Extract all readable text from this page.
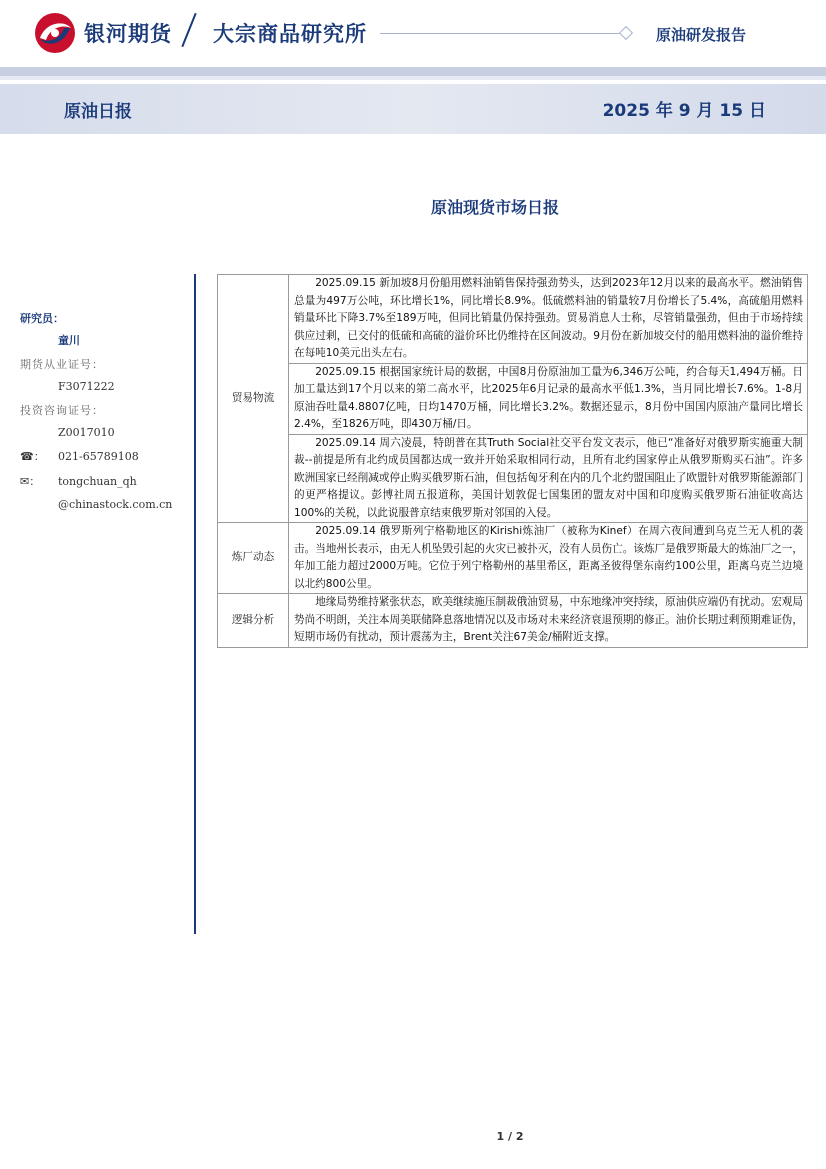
银河期货 大宗商品研究所	原油研发报告
原油日报	2025 年 9 月 15 日
原油现货市场日报
研究员：
童川
期货从业证号：
F3071222
投资咨询证号：
Z0017010
☎：	021-65789108
✉：	tongchuan_qh
@chinastock.com.cn
贸易物流	2025.09.15 新加坡8月份船用燃料油销售保持强劲势头，达到2023年12月以来的最高水平。燃油销售总量为497万公吨，环比增长1%，同比增长8.9%。低硫燃料油的销量较7月份增长了5.4%，高硫船用燃料销量环比下降3.7%至189万吨，但同比销量仍保持强劲。贸易消息人士称，尽管销量强劲，但由于市场持续供应过剩，已交付的低硫和高硫的溢价环比仍维持在区间波动。9月份在新加坡交付的船用燃料油的溢价维持在每吨10美元出头左右。

	2025.09.15 根据国家统计局的数据，中国8月份原油加工量为6,346万公吨，约合每天1,494万桶。日加工量达到17个月以来的第二高水平，比2025年6月记录的最高水平低1.3%，当月同比增长7.6%。1-8月原油吞吐量4.8807亿吨，日均1470万桶，同比增长3.2%。数据还显示，8月份中国国内原油产量同比增长2.4%，至1826万吨，即430万桶/日。

	2025.09.14 周六凌晨，特朗普在其Truth Social社交平台发文表示，他已“准备好对俄罗斯实施重大制裁--前提是所有北约成员国都达成一致并开始采取相同行动，且所有北约国家停止从俄罗斯购买石油”。许多欧洲国家已经削减或停止购买俄罗斯石油，但包括匈牙利在内的几个北约盟国阻止了欧盟针对俄罗斯能源部门的更严格提议。彭博社周五报道称，美国计划敦促七国集团的盟友对中国和印度购买俄罗斯石油征收高达100%的关税，以此说服普京结束俄罗斯对邻国的入侵。

炼厂动态	2025.09.14 俄罗斯列宁格勒地区的Kirishi炼油厂（被称为Kinef）在周六夜间遭到乌克兰无人机的袭击。当地州长表示，由无人机坠毁引起的火灾已被扑灭，没有人员伤亡。该炼厂是俄罗斯最大的炼油厂之一，年加工能力超过2000万吨。它位于列宁格勒州的基里希区，距离圣彼得堡东南约100公里，距离乌克兰边境以北约800公里。

逻辑分析	地缘局势维持紧张状态，欧美继续施压制裁俄油贸易，中东地缘冲突持续，原油供应端仍有扰动。宏观局势尚不明朗，关注本周美联储降息落地情况以及市场对未来经济衰退预期的修正。油价长期过剩预期难证伪，短期市场仍有扰动，预计震荡为主，Brent关注67美金/桶附近支撑。

1 / 2
